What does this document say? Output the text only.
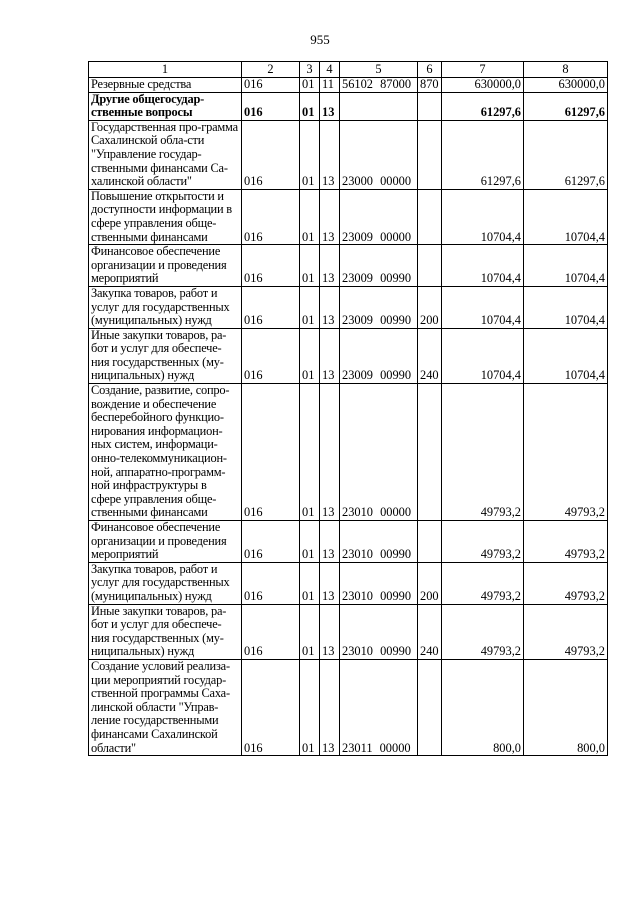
955
1	2	3	4	5	6	7	8
Резервные средства	016	01	11	56102 87000	870	630000,0	630000,0
Другие общегосудар-ственные вопросы	016	01	13			61297,6	61297,6
Государственная про-грамма Сахалинской обла-сти "Управление государ-ственными финансами Са-халинской области"	016	01	13	23000 00000		61297,6	61297,6
Повышение открытости и доступности информации в сфере управления обще-ственными финансами	016	01	13	23009 00000		10704,4	10704,4
Финансовое обеспечение организации и проведения мероприятий	016	01	13	23009 00990		10704,4	10704,4
Закупка товаров, работ и услуг для государственных (муниципальных) нужд	016	01	13	23009 00990	200	10704,4	10704,4
Иные закупки товаров, ра-бот и услуг для обеспече-ния государственных (му-ниципальных) нужд	016	01	13	23009 00990	240	10704,4	10704,4
Создание, развитие, сопро-вождение и обеспечение бесперебойного функцио-нирования информацион-ных систем, информаци-онно-телекоммуникацион-ной, аппаратно-программ-ной инфраструктуры в сфере управления обще-ственными финансами	016	01	13	23010 00000		49793,2	49793,2
Финансовое обеспечение организации и проведения мероприятий	016	01	13	23010 00990		49793,2	49793,2
Закупка товаров, работ и услуг для государственных (муниципальных) нужд	016	01	13	23010 00990	200	49793,2	49793,2
Иные закупки товаров, ра-бот и услуг для обеспече-ния государственных (му-ниципальных) нужд	016	01	13	23010 00990	240	49793,2	49793,2
Создание условий реализа-ции мероприятий государ-ственной программы Саха-линской области "Управ-ление государственными финансами Сахалинской области"	016	01	13	23011 00000		800,0	800,0
